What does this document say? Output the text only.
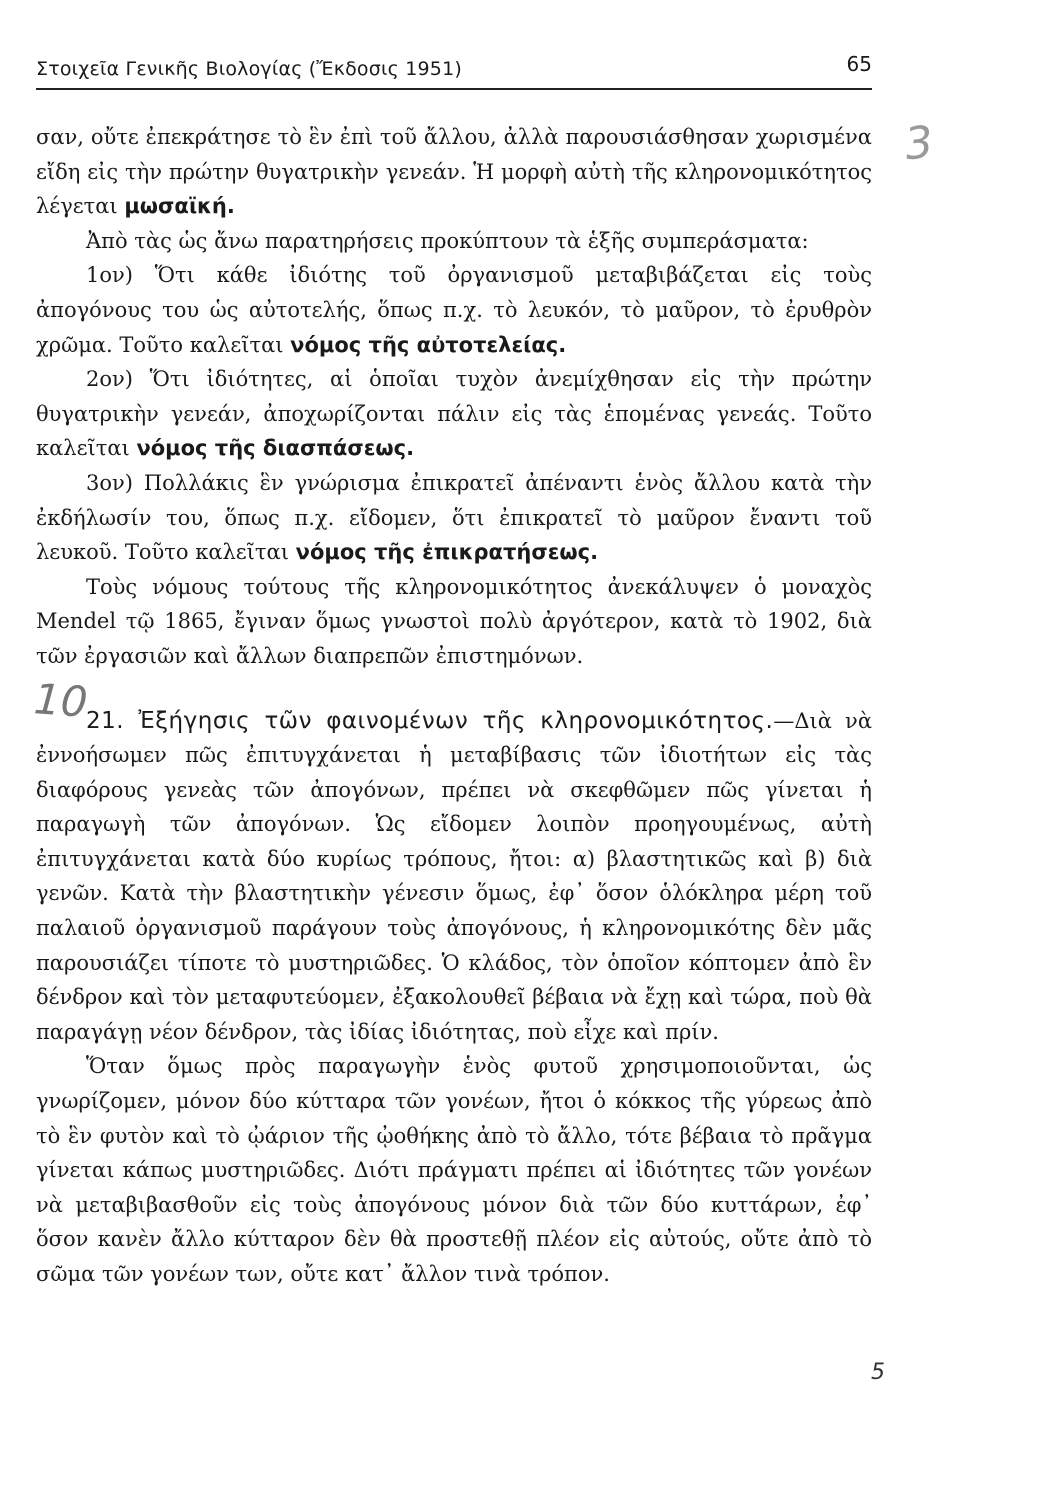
Στοιχεῖα Γενικῆς Βιολογίας (Ἔκδοσις 1951)	65
3
10
5

σαν, οὔτε ἐπεκράτησε τὸ ἓν ἐπὶ τοῦ ἄλλου, ἀλλὰ παρουσιάσθησαν χωρισμένα εἴδη εἰς τὴν πρώτην θυγατρικὴν γενεάν. Ἡ μορφὴ αὐτὴ τῆς κληρονομικότητος λέγεται μωσαϊκή.

Ἀπὸ τὰς ὡς ἄνω παρατηρήσεις προκύπτουν τὰ ἑξῆς συμπεράσματα:

1ον) Ὅτι κάθε ἰδιότης τοῦ ὀργανισμοῦ μεταβιβάζεται εἰς τοὺς ἀπογόνους του ὡς αὐτοτελής, ὅπως π.χ. τὸ λευκόν, τὸ μαῦρον, τὸ ἐρυθρὸν χρῶμα. Τοῦτο καλεῖται νόμος τῆς αὐτοτελείας.

2ον) Ὅτι ἰδιότητες, αἱ ὁποῖαι τυχὸν ἀνεμίχθησαν εἰς τὴν πρώτην θυγατρικὴν γενεάν, ἀποχωρίζονται πάλιν εἰς τὰς ἑπομένας γενεάς. Τοῦτο καλεῖται νόμος τῆς διασπάσεως.

3ον) Πολλάκις ἓν γνώρισμα ἐπικρατεῖ ἀπέναντι ἑνὸς ἄλλου κατὰ τὴν ἐκδήλωσίν του, ὅπως π.χ. εἴδομεν, ὅτι ἐπικρατεῖ τὸ μαῦρον ἔναντι τοῦ λευκοῦ. Τοῦτο καλεῖται νόμος τῆς ἐπικρατήσεως.

Τοὺς νόμους τούτους τῆς κληρονομικότητος ἀνεκάλυψεν ὁ μοναχὸς Mendel τῷ 1865, ἔγιναν ὅμως γνωστοὶ πολὺ ἀργότερον, κατὰ τὸ 1902, διὰ τῶν ἐργασιῶν καὶ ἄλλων διαπρεπῶν ἐπιστημόνων.

21. Ἐξήγησις τῶν φαινομένων τῆς κληρονομικότητος.—Διὰ νὰ ἐννοήσωμεν πῶς ἐπιτυγχάνεται ἡ μεταβίβασις τῶν ἰδιοτήτων εἰς τὰς διαφόρους γενεὰς τῶν ἀπογόνων, πρέπει νὰ σκεφθῶμεν πῶς γίνεται ἡ παραγωγὴ τῶν ἀπογόνων. Ὡς εἴδομεν λοιπὸν προηγουμένως, αὐτὴ ἐπιτυγχάνεται κατὰ δύο κυρίως τρόπους, ἤτοι: α) βλαστητικῶς καὶ β) διὰ γενῶν. Κατὰ τὴν βλαστητικὴν γένεσιν ὅμως, ἐφ᾽ ὅσον ὁλόκληρα μέρη τοῦ παλαιοῦ ὀργανισμοῦ παράγουν τοὺς ἀπογόνους, ἡ κληρονομικότης δὲν μᾶς παρουσιάζει τίποτε τὸ μυστηριῶδες. Ὁ κλάδος, τὸν ὁποῖον κόπτομεν ἀπὸ ἓν δένδρον καὶ τὸν μεταφυτεύομεν, ἐξακολουθεῖ βέβαια νὰ ἔχῃ καὶ τώρα, ποὺ θὰ παραγάγῃ νέον δένδρον, τὰς ἰδίας ἰδιότητας, ποὺ εἶχε καὶ πρίν.

Ὅταν ὅμως πρὸς παραγωγὴν ἑνὸς φυτοῦ χρησιμοποιοῦνται, ὡς γνωρίζομεν, μόνον δύο κύτταρα τῶν γονέων, ἤτοι ὁ κόκκος τῆς γύρεως ἀπὸ τὸ ἓν φυτὸν καὶ τὸ ᾠάριον τῆς ᾠοθήκης ἀπὸ τὸ ἄλλο, τότε βέβαια τὸ πρᾶγμα γίνεται κάπως μυστηριῶδες. Διότι πράγματι πρέπει αἱ ἰδιότητες τῶν γονέων νὰ μεταβιβασθοῦν εἰς τοὺς ἀπογόνους μόνον διὰ τῶν δύο κυττάρων, ἐφ᾽ ὅσον κανὲν ἄλλο κύτταρον δὲν θὰ προστεθῇ πλέον εἰς αὐτούς, οὔτε ἀπὸ τὸ σῶμα τῶν γονέων των, οὔτε κατ᾽ ἄλλον τινὰ τρόπον.
